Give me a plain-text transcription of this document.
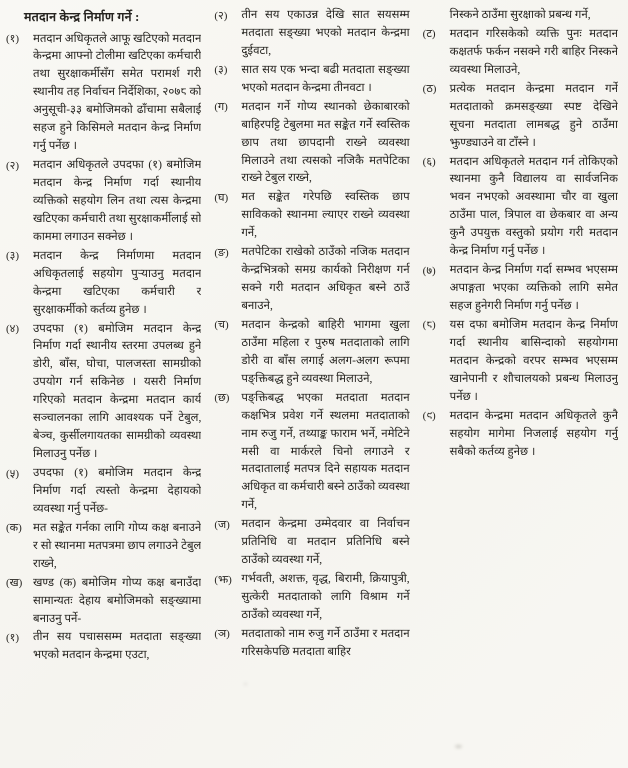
मतदान केन्द्र निर्माण गर्ने :
(१)	मतदान अधिकृतले आफू खटिएको मतदान केन्द्रमा आफ्नो टोलीमा खटिएका कर्मचारी तथा सुरक्षाकर्मीसँग समेत परामर्श गरी स्थानीय तह निर्वाचन निर्देशिका, २०७८ को अनुसूची-३३ बमोजिमको ढाँचामा सबैलाई सहज हुने किसिमले मतदान केन्द्र निर्माण गर्नु पर्नेछ ।
(२)	मतदान अधिकृतले उपदफा (१) बमोजिम मतदान केन्द्र निर्माण गर्दा स्थानीय व्यक्तिको सहयोग लिन तथा त्यस केन्द्रमा खटिएका कर्मचारी तथा सुरक्षाकर्मीलाई सो काममा लगाउन सक्नेछ ।
(३)	मतदान केन्द्र निर्माणमा मतदान अधिकृतलाई सहयोग पुर्‍याउनु मतदान केन्द्रमा खटिएका कर्मचारी र सुरक्षाकर्मीको कर्तव्य हुनेछ ।
(४)	उपदफा (१) बमोजिम मतदान केन्द्र निर्माण गर्दा स्थानीय स्तरमा उपलब्ध हुने डोरी, बाँस, घोचा, पालजस्ता सामग्रीको उपयोग गर्न सकिनेछ । यसरी निर्माण गरिएको मतदान केन्द्रमा मतदान कार्य सञ्चालनका लागि आवश्यक पर्ने टेबुल, बेञ्च, कुर्सीलगायतका सामग्रीको व्यवस्था मिलाउनु पर्नेछ ।
(५)	उपदफा (१) बमोजिम मतदान केन्द्र निर्माण गर्दा त्यस्तो केन्द्रमा देहायको व्यवस्था गर्नु पर्नेछ-
(क) मत सङ्केत गर्नका लागि गोप्य कक्ष बनाउने र सो स्थानमा मतपत्रमा छाप लगाउने टेबुल राख्ने,
(ख) खण्ड (क) बमोजिम गोप्य कक्ष बनाउँदा सामान्यतः देहाय बमोजिमको सङ्ख्यामा बनाउनु पर्ने-
(१)	तीन सय पचाससम्म मतदाता सङ्ख्या भएको मतदान केन्द्रमा एउटा,
(२)	तीन सय एकाउन्न देखि सात सयसम्म मतदाता सङ्ख्या भएको मतदान केन्द्रमा दुईवटा,
(३)	सात सय एक भन्दा बढी मतदाता सङ्ख्या भएको मतदान केन्द्रमा तीनवटा ।
(ग)	मतदान गर्ने गोप्य स्थानको छेकाबारको बाहिरपट्टि टेबुलमा मत सङ्केत गर्ने स्वस्तिक छाप तथा छापदानी राख्ने व्यवस्था मिलाउने तथा त्यसको नजिकै मतपेटिका राख्ने टेबुल राख्ने,
(घ)	मत सङ्केत गरेपछि स्वस्तिक छाप साविकको स्थानमा ल्याएर राख्ने व्यवस्था गर्ने,
(ङ)	मतपेटिका राखेको ठाउँको नजिक मतदान केन्द्रभित्रको समग्र कार्यको निरीक्षण गर्न सक्ने गरी मतदान अधिकृत बस्ने ठाउँ बनाउने,
(च)	मतदान केन्द्रको बाहिरी भागमा खुला ठाउँमा महिला र पुरुष मतदाताको लागि डोरी वा बाँस लगाई अलग-अलग रूपमा पङ्क्तिबद्ध हुने व्यवस्था मिलाउने,
(छ)	पङ्क्तिबद्ध भएका मतदाता मतदान कक्षभित्र प्रवेश गर्ने स्थलमा मतदाताको नाम रुजु गर्ने, तथ्याङ्क फाराम भर्ने, नमेटिने मसी वा मार्करले चिनो लगाउने र मतदातालाई मतपत्र दिने सहायक मतदान अधिकृत वा कर्मचारी बस्ने ठाउँको व्यवस्था गर्ने,
(ज)	मतदान केन्द्रमा उम्मेदवार वा निर्वाचन प्रतिनिधि वा मतदान प्रतिनिधि बस्ने ठाउँको व्यवस्था गर्ने,
(झ) गर्भवती, अशक्त, वृद्ध, बिरामी, क्रियापुत्री, सुत्केरी मतदाताको लागि विश्राम गर्ने ठाउँको व्यवस्था गर्ने,
(ञ)	मतदाताको नाम रुजु गर्ने ठाउँमा र मतदान गरिसकेपछि मतदाता बाहिर
निस्कने ठाउँमा सुरक्षाको प्रबन्ध गर्ने,
(ट)	मतदान गरिसकेको व्यक्ति पुनः मतदान कक्षतर्फ फर्कन नसक्ने गरी बाहिर निस्कने व्यवस्था मिलाउने,
(ठ)	प्रत्येक मतदान केन्द्रमा मतदान गर्ने मतदाताको क्रमसङ्ख्या स्पष्ट देखिने सूचना मतदाता लामबद्ध हुने ठाउँमा झुण्ड्याउने वा टाँस्ने ।
(६)	मतदान अधिकृतले मतदान गर्न तोकिएको स्थानमा कुनै विद्यालय वा सार्वजनिक भवन नभएको अवस्थामा चौर वा खुला ठाउँमा पाल, त्रिपाल वा छेकबार वा अन्य कुनै उपयुक्त वस्तुको प्रयोग गरी मतदान केन्द्र निर्माण गर्नु पर्नेछ ।
(७)	मतदान केन्द्र निर्माण गर्दा सम्भव भएसम्म अपाङ्गता भएका व्यक्तिको लागि समेत सहज हुनेगरी निर्माण गर्नु पर्नेछ ।
(८)	यस दफा बमोजिम मतदान केन्द्र निर्माण गर्दा स्थानीय बासिन्दाको सहयोगमा मतदान केन्द्रको वरपर सम्भव भएसम्म खानेपानी र शौचालयको प्रबन्ध मिलाउनु पर्नेछ ।
(९)	मतदान केन्द्रमा मतदान अधिकृतले कुनै सहयोग मागेमा निजलाई सहयोग गर्नु सबैको कर्तव्य हुनेछ ।
